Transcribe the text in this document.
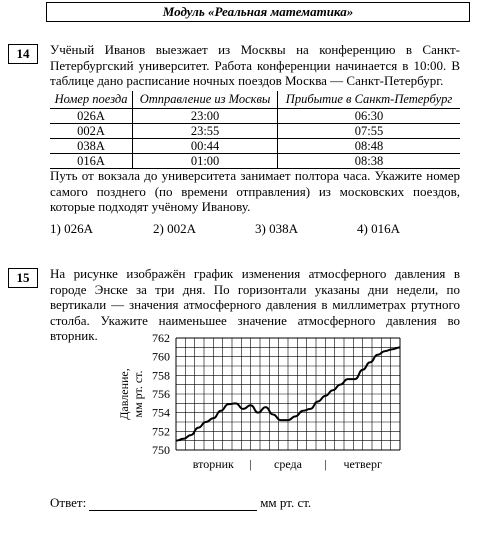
Модуль «Реальная математика»
14	Учёный Иванов выезжает из Москвы на конференцию в Санкт-Петербургский университет. Работа конференции начинается в 10:00. В таблице дано расписание ночных поездов Москва — Санкт-Петербург.
Номер поезда	Отправление из Москвы	Прибытие в Санкт-Петербург
026А	23:00	06:30
002А	23:55	07:55
038А	00:44	08:48
016А	01:00	08:38
Путь от вокзала до университета занимает полтора часа. Укажите номер самого позднего (по времени отправления) из московских поездов, которые подходят учёному Иванову.
1) 026А	2) 002А	3) 038А	4) 016А
15	На рисунке изображён график изменения атмосферного давления в городе Энске за три дня. По горизонтали указаны дни недели, по вертикали — значения атмосферного давления в миллиметрах ртутного столба. Укажите наименьшее значение атмосферного давления во вторник.
750
752
754
756
758
760
762
Давление,мм рт. ст.
вторник	среда	четверг
|	|
Ответ:	мм рт. ст.
